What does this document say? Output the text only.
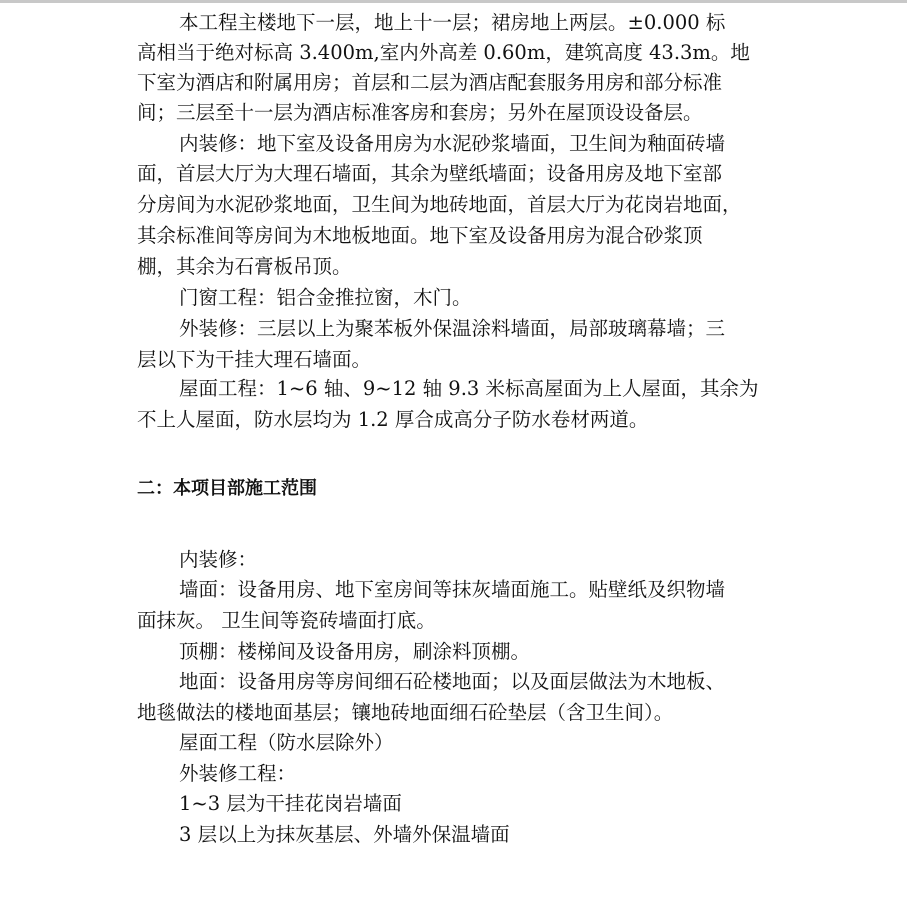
本工程主楼地下一层，地上十一层；裙房地上两层。±0.000 标
高相当于绝对标高 3.400m,室内外高差 0.60m，建筑高度 43.3m。地
下室为酒店和附属用房；首层和二层为酒店配套服务用房和部分标准
间；三层至十一层为酒店标准客房和套房；另外在屋顶设设备层。
内装修：地下室及设备用房为水泥砂浆墙面，卫生间为釉面砖墙
面，首层大厅为大理石墙面，其余为壁纸墙面；设备用房及地下室部
分房间为水泥砂浆地面，卫生间为地砖地面，首层大厅为花岗岩地面，
其余标准间等房间为木地板地面。地下室及设备用房为混合砂浆顶
棚，其余为石膏板吊顶。
门窗工程：铝合金推拉窗，木门。
外装修：三层以上为聚苯板外保温涂料墙面，局部玻璃幕墙；三
层以下为干挂大理石墙面。
屋面工程：1~6 轴、9~12 轴 9.3 米标高屋面为上人屋面，其余为
不上人屋面，防水层均为 1.2 厚合成高分子防水卷材两道。
二：本项目部施工范围
内装修：
墙面：设备用房、地下室房间等抹灰墙面施工。贴壁纸及织物墙
面抹灰。 卫生间等瓷砖墙面打底。
顶棚：楼梯间及设备用房，刷涂料顶棚。
地面：设备用房等房间细石砼楼地面；以及面层做法为木地板、
地毯做法的楼地面基层；镶地砖地面细石砼垫层（含卫生间）。
屋面工程（防水层除外）
外装修工程：
1~3 层为干挂花岗岩墙面
3 层以上为抹灰基层、外墙外保温墙面
